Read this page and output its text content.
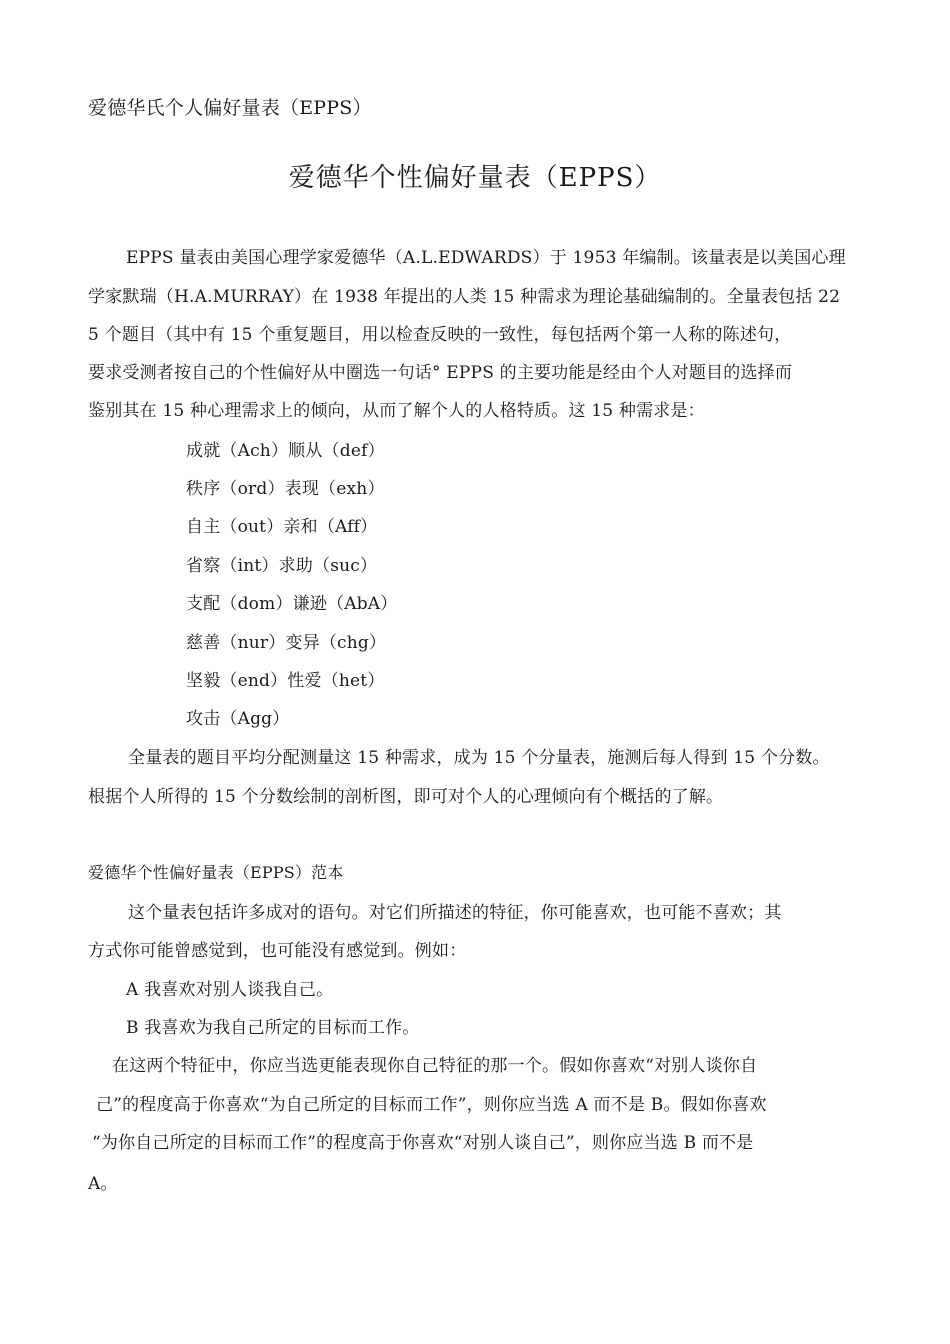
爱德华氏个人偏好量表（EPPS）
爱德华个性偏好量表（EPPS）
EPPS 量表由美国心理学家爱德华（A.L.EDWARDS）于 1953 年编制。该量表是以美国心理
学家默瑞（H.A.MURRAY）在 1938 年提出的人类 15 种需求为理论基础编制的。全量表包括 22
5 个题目（其中有 15 个重复题目，用以检查反映的一致性，每包括两个第一人称的陈述句，
要求受测者按自己的个性偏好从中圈选一句话° EPPS 的主要功能是经由个人对题目的选择而
鉴别其在 15 种心理需求上的倾向，从而了解个人的人格特质。这 15 种需求是：
成就（Ach）顺从（def）
秩序（ord）表现（exh）
自主（out）亲和（Aff）
省察（int）求助（suc）
支配（dom）谦逊（AbA）
慈善（nur）变异（chg）
坚毅（end）性爱（het）
攻击（Agg）
全量表的题目平均分配测量这 15 种需求，成为 15 个分量表，施测后每人得到 15 个分数。
根据个人所得的 15 个分数绘制的剖析图，即可对个人的心理倾向有个概括的了解。
爱德华个性偏好量表（EPPS）范本
这个量表包括许多成对的语句。对它们所描述的特征，你可能喜欢，也可能不喜欢；其
方式你可能曾感觉到，也可能没有感觉到。例如：
A 我喜欢对别人谈我自己。
B 我喜欢为我自己所定的目标而工作。
在这两个特征中，你应当选更能表现你自己特征的那一个。假如你喜欢“对别人谈你自
己”的程度高于你喜欢“为自己所定的目标而工作”，则你应当选 A 而不是 B。假如你喜欢
“为你自己所定的目标而工作”的程度高于你喜欢“对别人谈自己”，则你应当选 B 而不是
A。
